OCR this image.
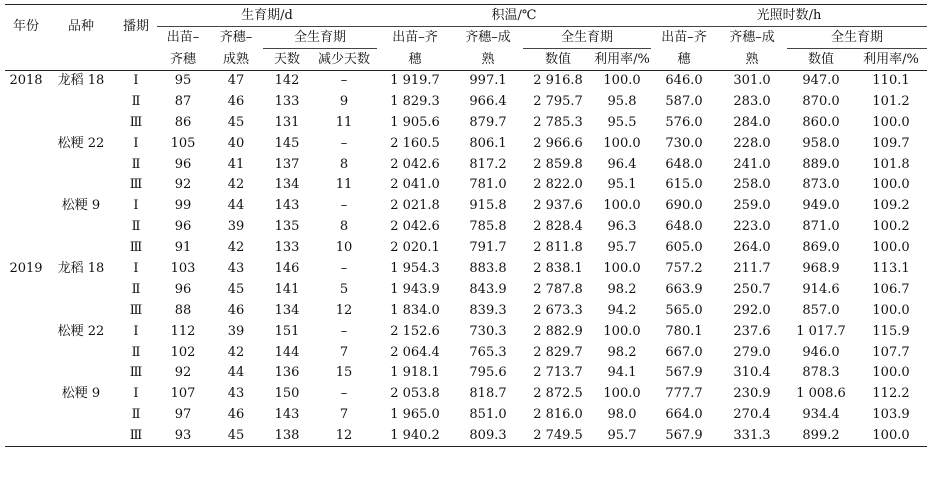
年份	品种	播期	生育期/d				积温/℃				光照时数/h			
			出苗–	齐穗–	全生育期		出苗–齐	齐穗–成	全生育期		出苗–齐	齐穗–成	全生育期	
			齐穗	成熟	天数	减少天数	穗	熟	数值	利用率/%	穗	熟	数值	利用率/%
2018	龙稻 18	Ⅰ	95	47	142	–	1 919.7	997.1	2 916.8	100.0	646.0	301.0	947.0	110.1
		Ⅱ	87	46	133	9	1 829.3	966.4	2 795.7	95.8	587.0	283.0	870.0	101.2
		Ⅲ	86	45	131	11	1 905.6	879.7	2 785.3	95.5	576.0	284.0	860.0	100.0
	松粳 22	Ⅰ	105	40	145	–	2 160.5	806.1	2 966.6	100.0	730.0	228.0	958.0	109.7
		Ⅱ	96	41	137	8	2 042.6	817.2	2 859.8	96.4	648.0	241.0	889.0	101.8
		Ⅲ	92	42	134	11	2 041.0	781.0	2 822.0	95.1	615.0	258.0	873.0	100.0
	松粳 9	Ⅰ	99	44	143	–	2 021.8	915.8	2 937.6	100.0	690.0	259.0	949.0	109.2
		Ⅱ	96	39	135	8	2 042.6	785.8	2 828.4	96.3	648.0	223.0	871.0	100.2
		Ⅲ	91	42	133	10	2 020.1	791.7	2 811.8	95.7	605.0	264.0	869.0	100.0
2019	龙稻 18	Ⅰ	103	43	146	–	1 954.3	883.8	2 838.1	100.0	757.2	211.7	968.9	113.1
		Ⅱ	96	45	141	5	1 943.9	843.9	2 787.8	98.2	663.9	250.7	914.6	106.7
		Ⅲ	88	46	134	12	1 834.0	839.3	2 673.3	94.2	565.0	292.0	857.0	100.0
	松粳 22	Ⅰ	112	39	151	–	2 152.6	730.3	2 882.9	100.0	780.1	237.6	1 017.7	115.9
		Ⅱ	102	42	144	7	2 064.4	765.3	2 829.7	98.2	667.0	279.0	946.0	107.7
		Ⅲ	92	44	136	15	1 918.1	795.6	2 713.7	94.1	567.9	310.4	878.3	100.0
	松粳 9	Ⅰ	107	43	150	–	2 053.8	818.7	2 872.5	100.0	777.7	230.9	1 008.6	112.2
		Ⅱ	97	46	143	7	1 965.0	851.0	2 816.0	98.0	664.0	270.4	934.4	103.9
		Ⅲ	93	45	138	12	1 940.2	809.3	2 749.5	95.7	567.9	331.3	899.2	100.0
